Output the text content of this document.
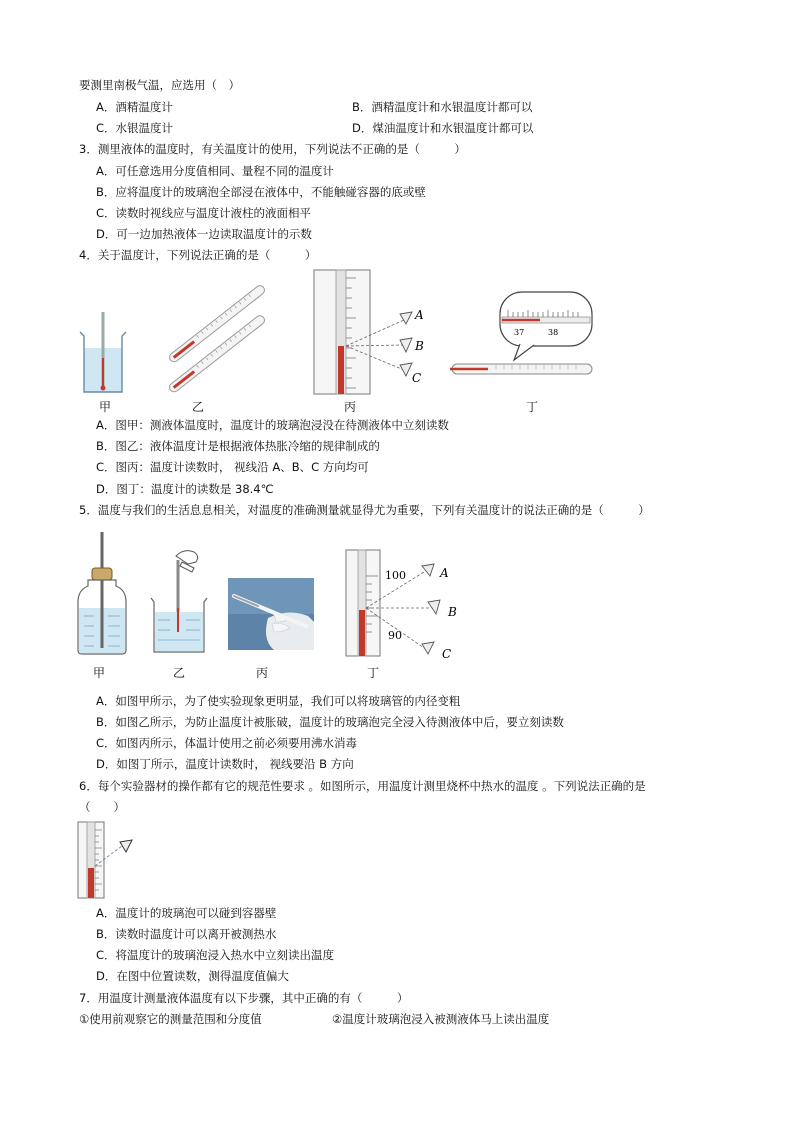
要测里南极气温，应选用（　）
A．酒精温度计	B．酒精温度计和水银温度计都可以
C．水银温度计	D．煤油温度计和水银温度计都可以
3．测里液体的温度时，有关温度计的使用，下列说法不正确的是（　　　）
A．可任意选用分度值相同、量程不同的温度计
B．应将温度计的玻璃泡全部浸在液体中，不能触碰容器的底或壁
C．读数时视线应与温度计液柱的液面相平
D．可一边加热液体一边读取温度计的示数
4．关于温度计，下列说法正确的是（　　　）
A
B
C
37	38
甲	乙	丙	丁
A．图甲：测液体温度时，温度计的玻璃泡浸没在待测液体中立刻读数
B．图乙：液体温度计是根据液体热胀冷缩的规律制成的
C．图丙：温度计读数时， 视线沿 A、B、C 方向均可
D．图丁：温度计的读数是 38.4℃
5．温度与我们的生活息息相关，对温度的准确测量就显得尤为重要，下列有关温度计的说法正确的是（　　　）
100
90
A
B
C
甲	乙	丙	丁
A．如图甲所示，为了使实验现象更明显，我们可以将玻璃管的内径变粗
B．如图乙所示，为防止温度计被胀破，温度计的玻璃泡完全浸入待测液体中后，要立刻读数
C．如图丙所示，体温计使用之前必须要用沸水消毒
D．如图丁所示，温度计读数时， 视线要沿 B 方向
6．每个实验器材的操作都有它的规范性要求 。如图所示，用温度计测里烧杯中热水的温度 。下列说法正确的是
（　　）
A．温度计的玻璃泡可以碰到容器壁
B．读数时温度计可以离开被测热水
C．将温度计的玻璃泡浸入热水中立刻读出温度
D．在图中位置读数，测得温度值偏大
7．用温度计测量液体温度有以下步骤，其中正确的有（　　　）
①使用前观察它的测量范围和分度值	②温度计玻璃泡浸入被测液体马上读出温度
